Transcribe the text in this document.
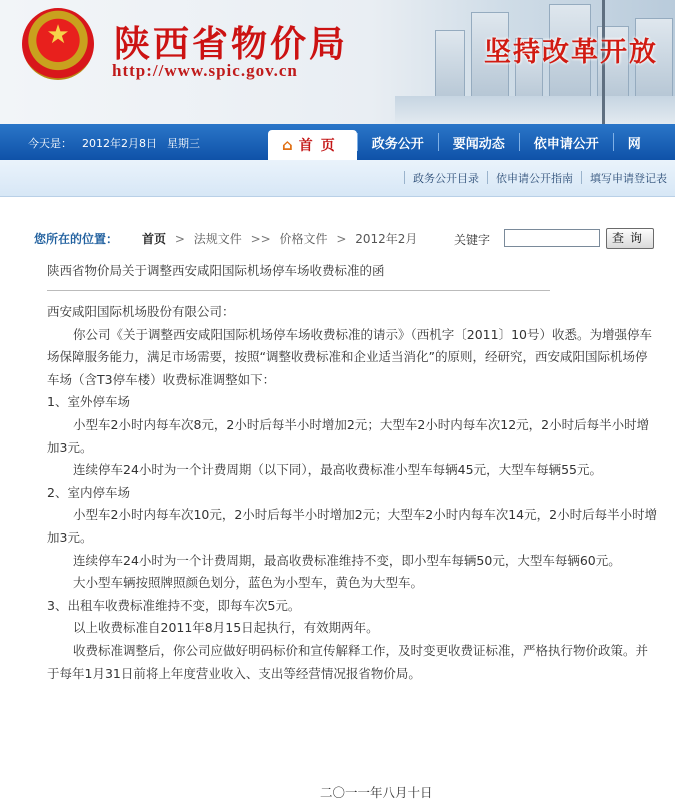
★	陕西省物价局
http://www.spic.gov.cn
坚持改革开放
今天是： 2012年2月8日 星期三	⌂ 首页	政务公开	要闻动态	依申请公开	网
政务公开目录	依申请公开指南	填写申请登记表
您所在的位置： 首页 > 法规文件 >> 价格文件 > 2012年2月	关键字	查询
陕西省物价局关于调整西安咸阳国际机场停车场收费标准的函

西安咸阳国际机场股份有限公司：

你公司《关于调整西安咸阳国际机场停车场收费标准的请示》（西机字〔2011〕10号）收悉。为增强停车场保障服务能力，满足市场需要，按照“调整收费标准和企业适当消化”的原则，经研究，西安咸阳国际机场停车场（含T3停车楼）收费标准调整如下：

1、室外停车场

小型车2小时内每车次8元，2小时后每半小时增加2元；大型车2小时内每车次12元，2小时后每半小时增加3元。

连续停车24小时为一个计费周期（以下同），最高收费标准小型车每辆45元，大型车每辆55元。

2、室内停车场

小型车2小时内每车次10元，2小时后每半小时增加2元；大型车2小时内每车次14元，2小时后每半小时增加3元。

连续停车24小时为一个计费周期，最高收费标准维持不变，即小型车每辆50元，大型车每辆60元。

大小型车辆按照牌照颜色划分，蓝色为小型车，黄色为大型车。

3、出租车收费标准维持不变，即每车次5元。

以上收费标准自2011年8月15日起执行，有效期两年。

收费标准调整后，你公司应做好明码标价和宣传解释工作，及时变更收费证标准，严格执行物价政策。并于每年1月31日前将上年度营业收入、支出等经营情况报省物价局。

二〇一一年八月十日
